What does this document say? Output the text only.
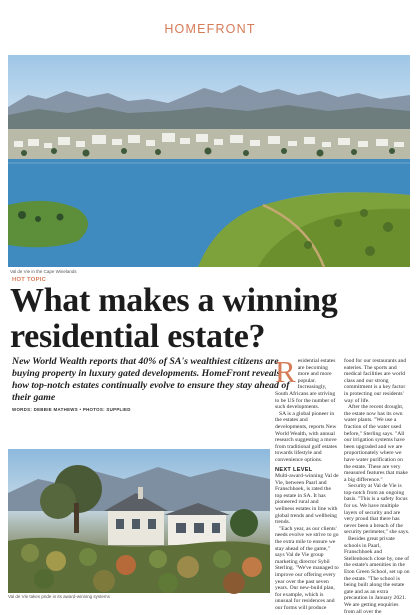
HOMEFRONT
Val de Vie in the Cape Winelands
HOT TOPIC
What makes a winning residential estate?

New World Wealth reports that 40% of SA's wealthiest citizens are buying property in luxury gated developments. HomeFront reveals how top-notch estates continually evolve to ensure they stay ahead of their game

WORDS: DEBBIE MATHEWS • PHOTOS: SUPPLIED
Val de Vie takes pride in its award-winning systems
R esidential estates are becoming more and more popular. Increasingly, South Africans are striving to be US for the number of such developments.

SA is a global pioneer in the estates and developments, reports New World Wealth, with annual research suggesting a move from traditional golf estates towards lifestyle and convenience options.

NEXT LEVEL

Multi-award-winning Val de Vie, between Paarl and Franschhoek, is rated the top estate in SA. It has pioneered rural and wellness estates in line with global trends and wellbeing trends.

"Each year, as our clients' needs evolve we strive to go the extra mile to ensure we stay ahead of the game," says Val de Vie group marketing director Sybil Sterling. "We've managed to improve our offering every year over the past seven years. Our new-build plan, for example, which is unusual for residences and our forms will produce

food for our restaurants and eateries. The sports and medical facilities are world class and our strong commitment is a key factor in protecting our residents' way of life.

After the recent drought, the estate now has its own water plants. "We use a fraction of the water used before," Sterling says. "All our irrigation systems have been upgraded and we are proportionately where we have water purification on the estate. These are very measured features that make a big difference."

Security at Val de Vie is top-notch from an ongoing basis. "This is a safety focus for us. We have multiple layers of security and are very proud that there has never been a breach of the security perimeter," she says.

Besides great private schools in Paarl, Franschhoek and Stellenbosch close by, one of the estate's amenities in the Eton Green School, set up on the estate. "The school is being built along the estate gate and as an extra precaution in January 2021. We are getting enquiries from all over the
